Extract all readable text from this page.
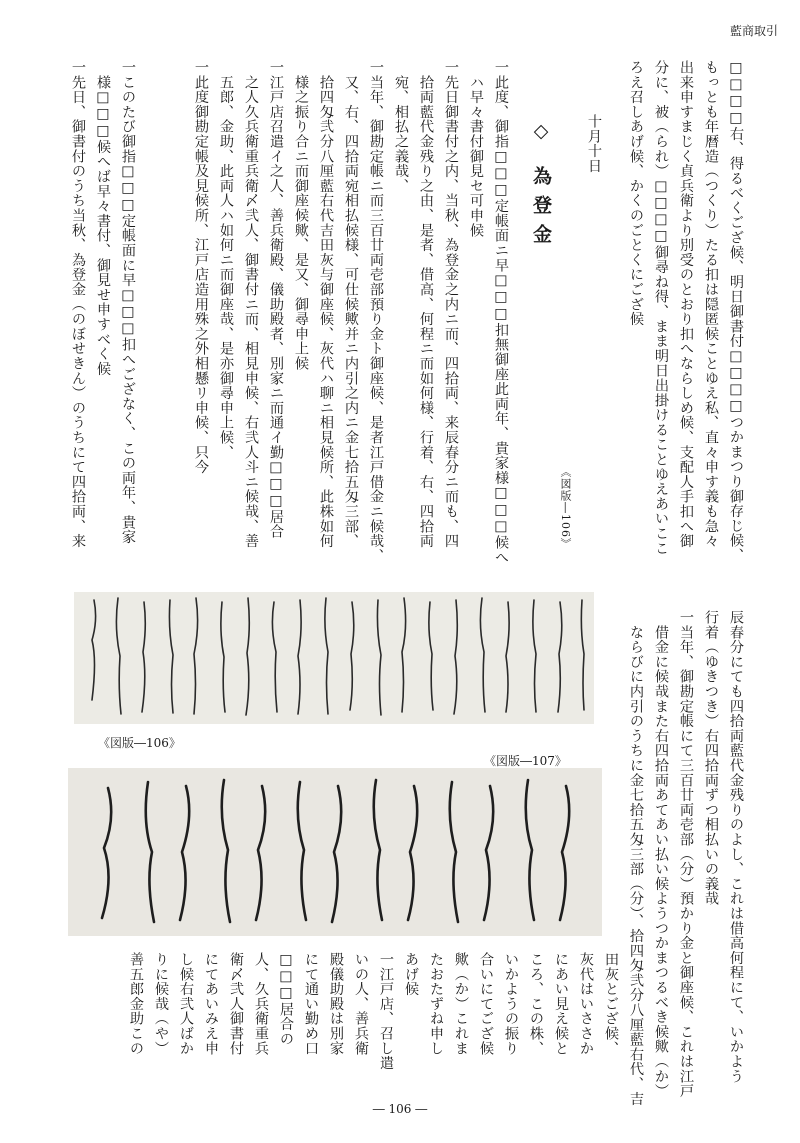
藍商取引
□□□□右、得るべくござ候、明日御書付□□□□つかまつり御存じ候、
もっとも年暦造（つくり）たる扣は隠匿候ことゆえ私、直々申す義も急々
出来申すまじく貞兵衛より別受のとおり扣へならしめ候、支配人手扣へ御
分に、被（られ）□□□□御尋ね得、まま明日出掛けることゆえあいここ
ろえ召しあげ候、かくのごとくにござ候
十月十日
◇為登金
《図版―106》
一此度、御指□□□定帳面ニ早□□□扣無御座此両年、貴家様□□□候へ
　ハ早々書付御見セ可申候
一先日御書付之内、当秋、為登金之内ニ而、四拾両、来辰春分ニ而も、四
　拾両藍代金残り之由、是者、借高、何程ニ而如何様、行着、右、四拾両
　宛、相払之義哉、
一当年、御勘定帳ニ而三百廿両壱部預り金ト御座候、是者江戸借金ニ候哉、
　又、右、四拾両宛相払候様、可仕候歟并ニ内引之内ニ金七拾五匁三部、
　拾四匁弐分八厘藍右代吉田灰与御座候、灰代ハ聊ニ相見候所、此株如何
　様之振り合ニ而御座候歟、是又、御尋申上候
一江戸店召遣イ之人、善兵衛殿、儀助殿者、別家ニ而通イ勤□□□居合
　之人久兵衛重兵衛〆弐人、御書付ニ而、相見申候、右弐人斗ニ候哉、善
　五郎、金助、此両人ハ如何ニ而御座哉、是亦御尋申上候、
一此度御勘定帳及見候所、江戸店造用殊之外相懸リ申候、只今
一このたび御指□□□定帳面に早□□□扣へござなく、この両年、貴家
　様□□□候へば早々書付、御見せ申すべく候
一先日、御書付のうち当秋、為登金（のぼせきん）のうちにて四拾両、来
《図版―106》
《図版―107》	辰春分にても四拾両藍代金残りのよし、これは借高何程にて、いかよう
行着（ゆきつき）右四拾両ずつ相払いの義哉
一当年、御勘定帳にて三百廿両壱部（分）預かり金と御座候、これは江戸
　借金に候哉また右四拾両あてあい払い候ようつかまつるべき候歟（か）
　ならびに内引のうちに金七拾五匁三部（分）、拾四匁弐分八厘藍右代、吉
田灰とござ候、
灰代はいささか
にあい見え候と
ころ、この株、
いかようの振り
合いにてござ候
歟（か）これま
たおたずね申し
あげ候
一江戸店、召し遣
いの人、善兵衛
殿儀助殿は別家
にて通い勤め口
□□□居合の
人、久兵衛重兵
衛〆弐人御書付
にてあいみえ申
し候右弐人ばか
りに候哉（や）
善五郎金助この
― 106 ―
